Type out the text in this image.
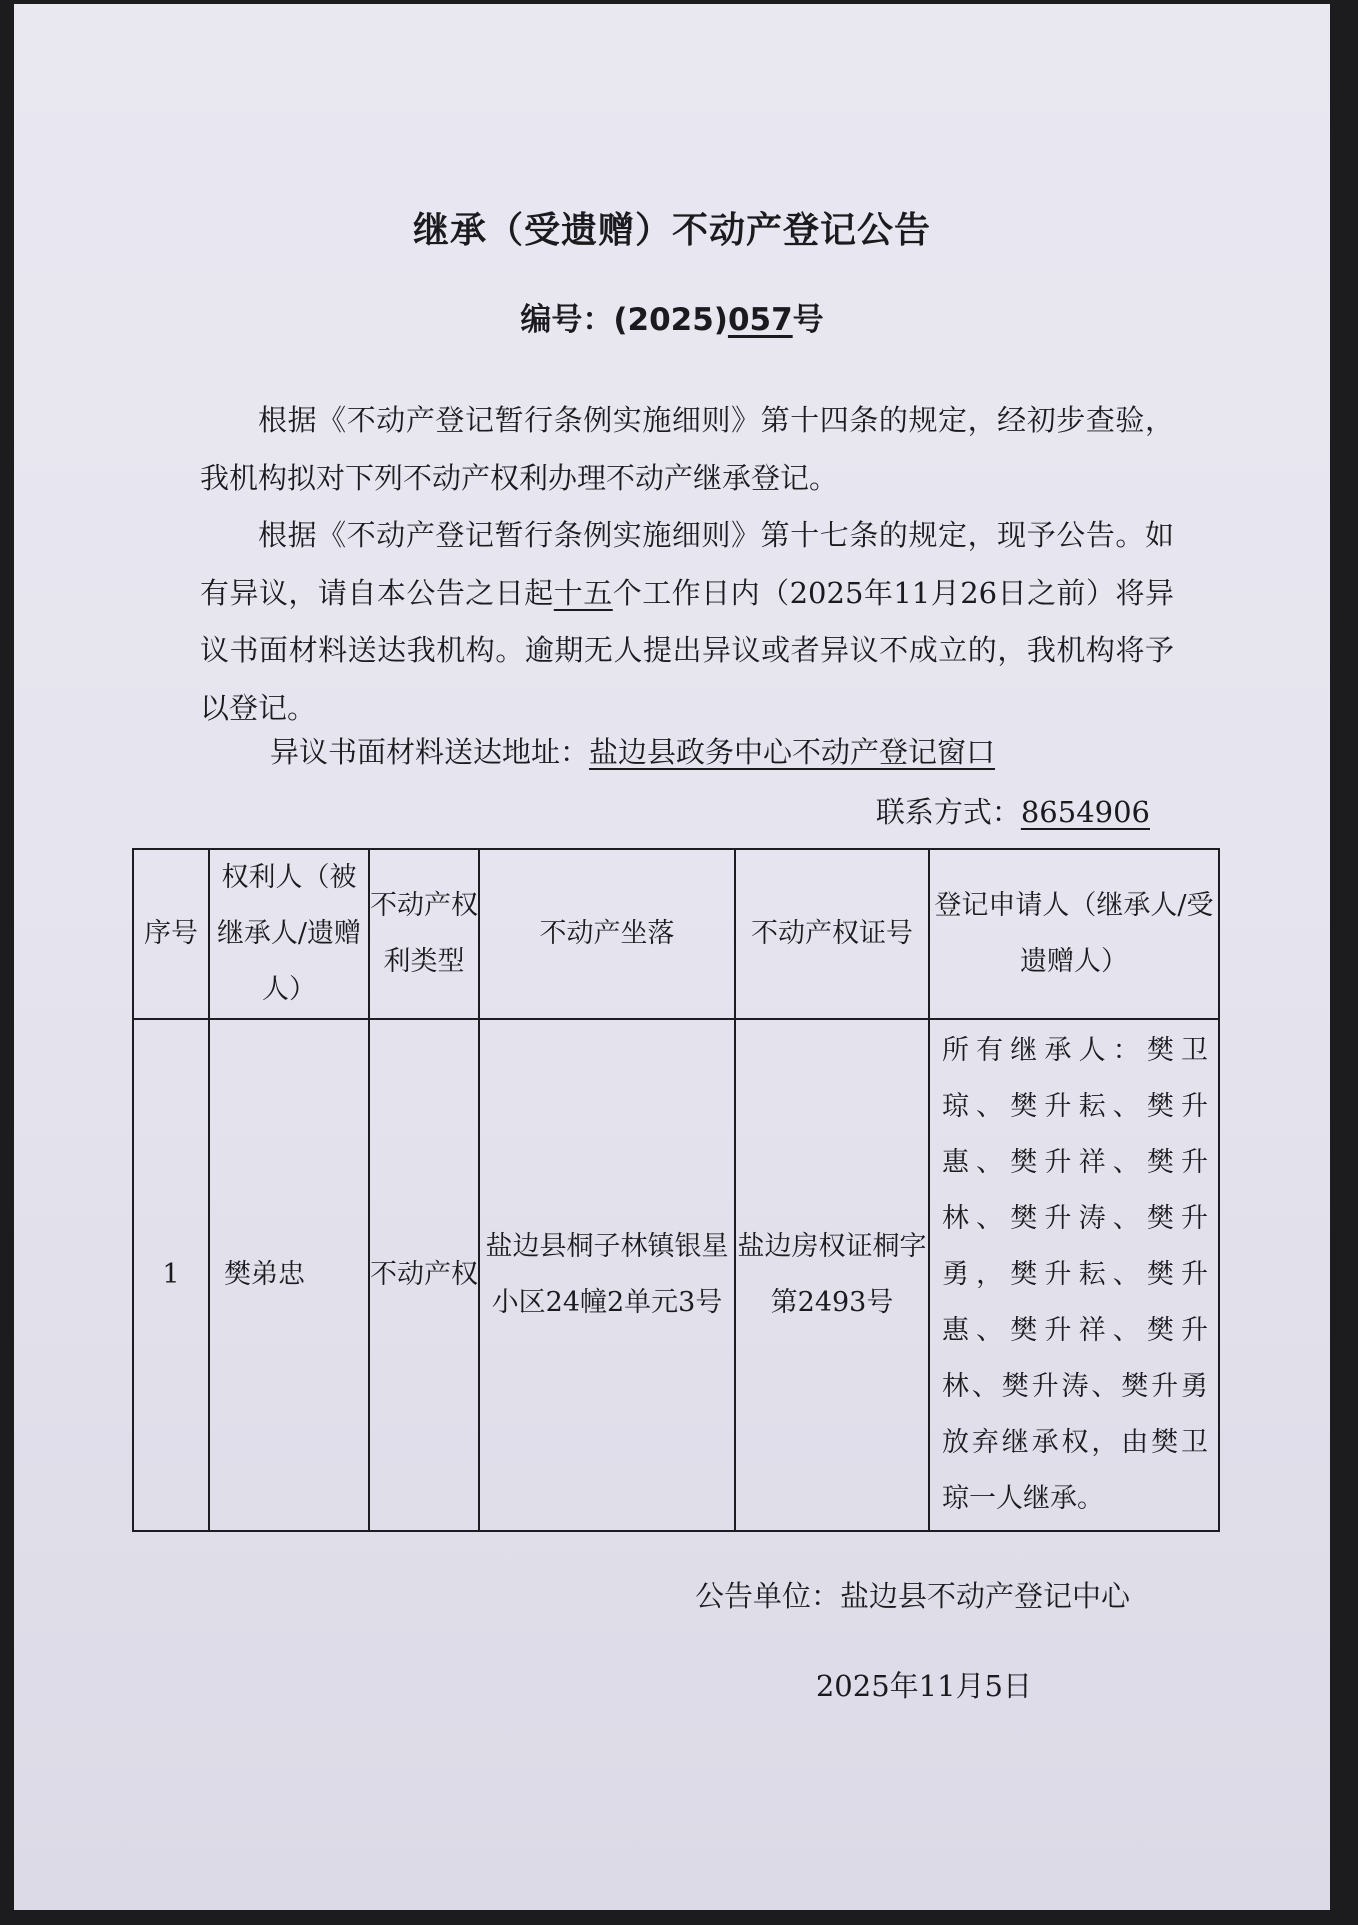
继承（受遗赠）不动产登记公告
编号：(2025)057号

根据《不动产登记暂行条例实施细则》第十四条的规定，经初步查验，我机构拟对下列不动产权利办理不动产继承登记。

根据《不动产登记暂行条例实施细则》第十七条的规定，现予公告。如有异议，请自本公告之日起十五个工作日内（2025年11月26日之前）将异议书面材料送达我机构。逾期无人提出异议或者异议不成立的，我机构将予以登记。

异议书面材料送达地址：盐边县政务中心不动产登记窗口
联系方式：8654906
序号	权利人（被继承人/遗赠人）	不动产权利类型	不动产坐落	不动产权证号	登记申请人（继承人/受遗赠人）
1	樊弟忠	不动产权	盐边县桐子林镇银星小区24幢2单元3号	盐边房权证桐字第2493号	所有继承人：樊卫琼、樊升耘、樊升惠、樊升祥、樊升林、樊升涛、樊升勇，樊升耘、樊升惠、樊升祥、樊升林、樊升涛、樊升勇放弃继承权，由樊卫琼一人继承。
公告单位：盐边县不动产登记中心
2025年11月5日
